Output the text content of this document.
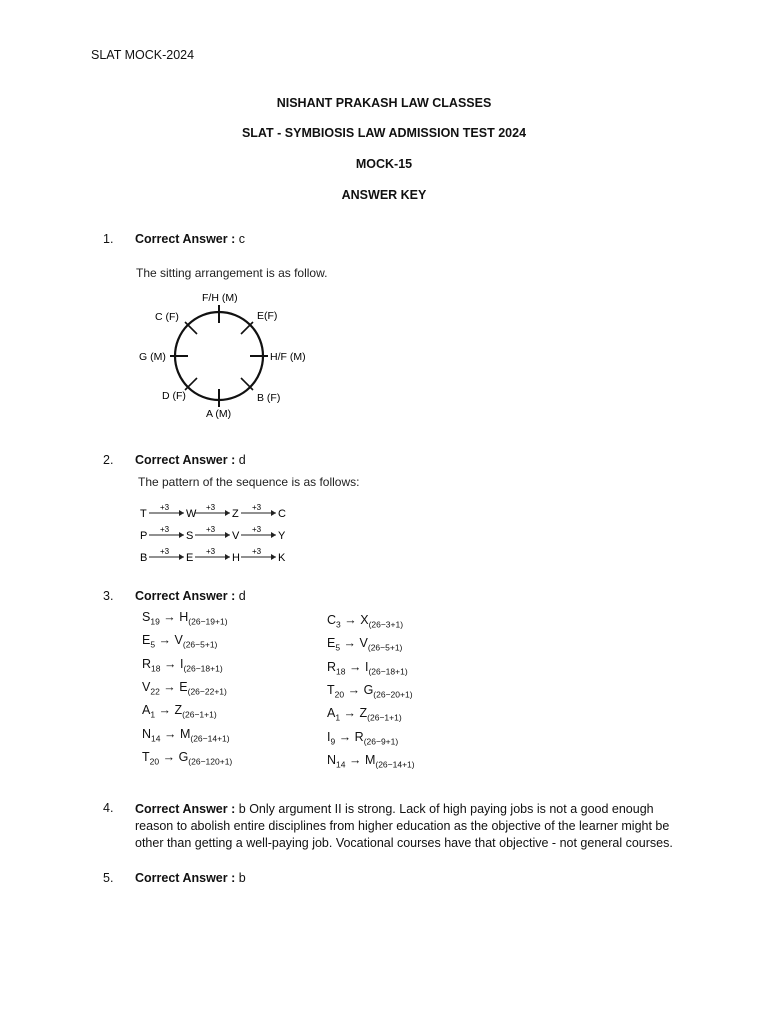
SLAT MOCK-2024
NISHANT PRAKASH LAW CLASSES
SLAT - SYMBIOSIS LAW ADMISSION TEST 2024
MOCK-15
ANSWER KEY
1. Correct Answer : c
The sitting arrangement is as follow.
F/H (M)
E(F)
H/F (M)
B (F)
A (M)
D (F)
G (M)
C (F)
2. Correct Answer : d
The pattern of the sequence is as follows:
T
+3
W
+3
Z
+3
C
P
+3
S
+3
V
+3
Y
B
+3
E
+3
H
+3
K
3. Correct Answer : d
$S_{19} \to H_{(26-19+1)}$
$E_5 \to V_{(26-5+1)}$
$R_{18} \to I_{(26-18+1)}$
$V_{22} \to E_{(26-22+1)}$
$A_1 \to Z_{(26-1+1)}$
$N_{14} \to M_{(26-14+1)}$
$T_{20} \to G_{(26-120+1)}$
$C_3 \to X_{(26-3+1)}$
$E_5 \to V_{(26-5+1)}$
$R_{18} \to I_{(26-18+1)}$
$T_{20} \to G_{(26-20+1)}$
$A_1 \to Z_{(26-1+1)}$
$I_9 \to R_{(26-9+1)}$
$N_{14} \to M_{(26-14+1)}$
4. Correct Answer : b Only argument II is strong. Lack of high paying jobs is not a good enough reason to abolish entire disciplines from higher education as the objective of the learner might be other than getting a well-paying job. Vocational courses have that objective - not general courses.
5. Correct Answer : b
